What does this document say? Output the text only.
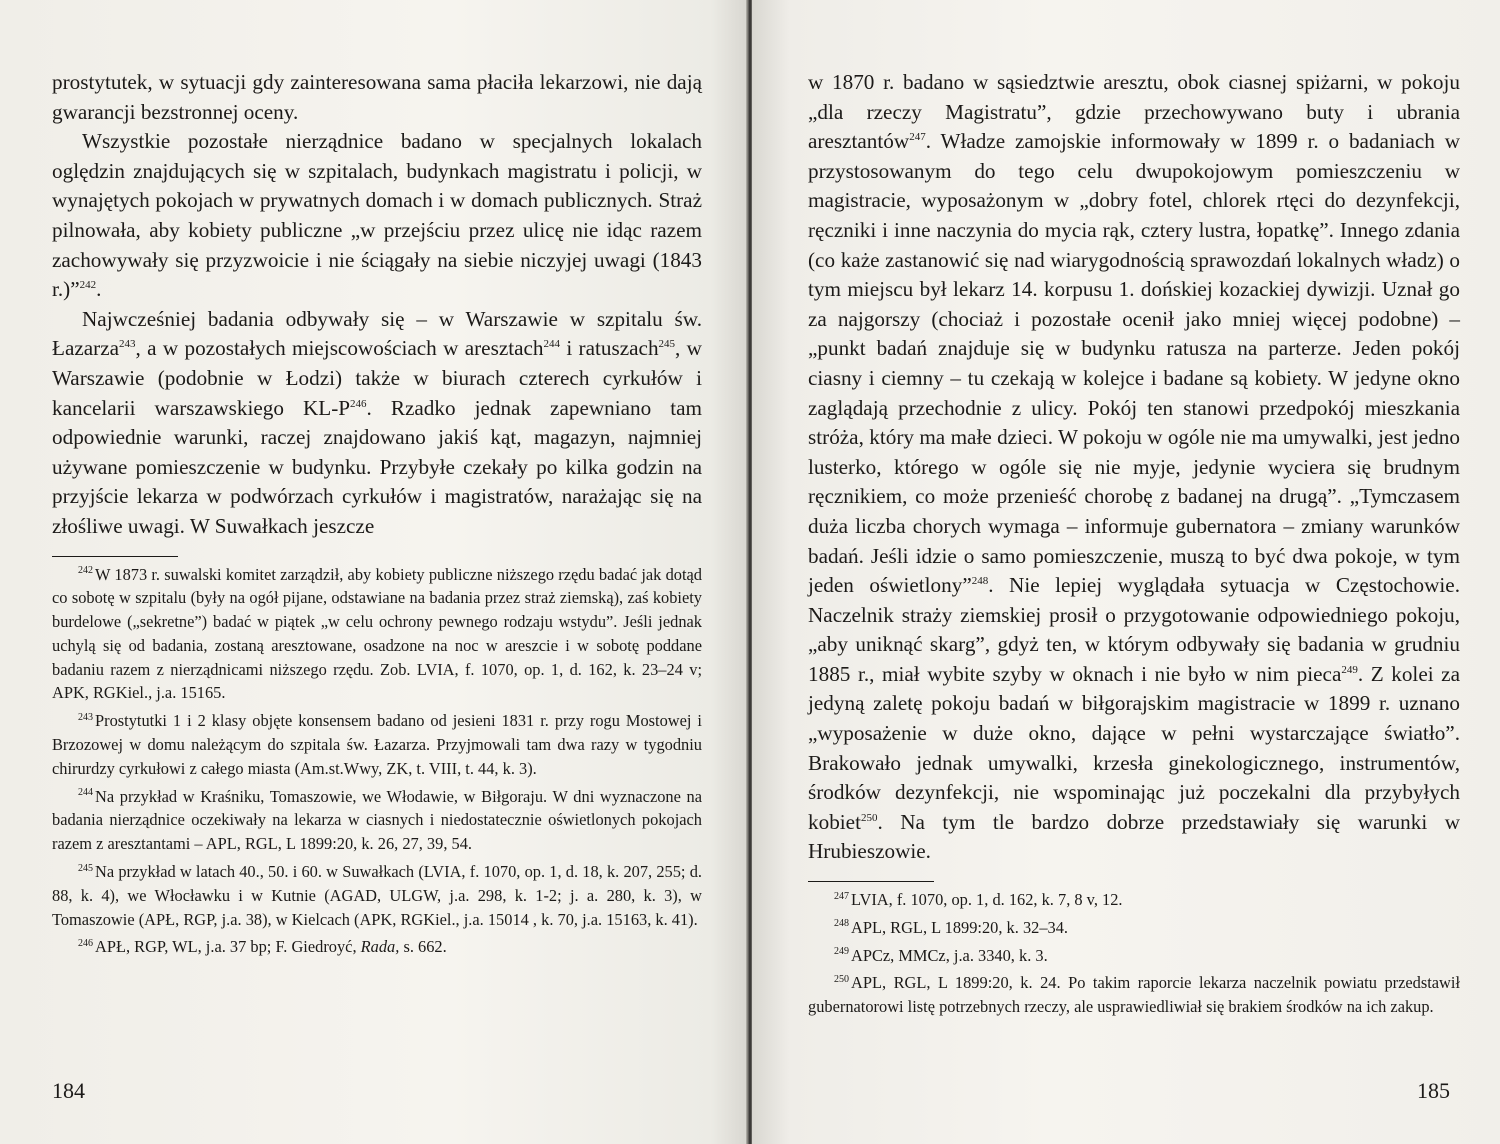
prostytutek, w sytuacji gdy zainteresowana sama płaciła lekarzowi, nie dają gwarancji bezstronnej oceny.

Wszystkie pozostałe nierządnice badano w specjalnych lokalach oględzin znajdujących się w szpitalach, budynkach magistratu i policji, w wynajętych pokojach w prywatnych domach i w domach publicznych. Straż pilnowała, aby kobiety publiczne „w przejściu przez ulicę nie idąc razem zachowywały się przyzwoicie i nie ściągały na siebie niczyjej uwagi (1843 r.)”$^{242}$.

Najwcześniej badania odbywały się – w Warszawie w szpitalu św. Łazarza$^{243}$, a w pozostałych miejscowościach w aresztach$^{244}$ i ratuszach$^{245}$, w Warszawie (podobnie w Łodzi) także w biurach czterech cyrkułów i kancelarii warszawskiego $KL-P^{246}$. Rzadko jednak zapewniano tam odpowiednie warunki, raczej znajdowano jakiś kąt, magazyn, najmniej używane pomieszczenie w budynku. Przybyłe czekały po kilka godzin na przyjście lekarza w podwórzach cyrkułów i magistratów, narażając się na złośliwe uwagi. W Suwałkach jeszcze

$^{242}$ W 1873 r. suwalski komitet zarządził, aby kobiety publiczne niższego rzędu badać jak dotąd co sobotę w szpitalu (były na ogół pijane, odstawiane na badania przez straż ziemską), zaś kobiety burdelowe („sekretne”) badać w piątek „w celu ochrony pewnego rodzaju wstydu”. Jeśli jednak uchylą się od badania, zostaną aresztowane, osadzone na noc w areszcie i w sobotę poddane badaniu razem z nierządnicami niższego rzędu. Zob. LVIA, f. 1070, op. 1, d. 162, k. 23–24 v; APK, RGKiel., j.a. 15165.

$^{243}$ Prostytutki 1 i 2 klasy objęte konsensem badano od jesieni 1831 r. przy rogu Mostowej i Brzozowej w domu należącym do szpitala św. Łazarza. Przyjmowali tam dwa razy w tygodniu chirurdzy cyrkułowi z całego miasta (Am.st.Wwy, ZK, t. VIII, t. 44, k. 3).

$^{244}$ Na przykład w Kraśniku, Tomaszowie, we Włodawie, w Biłgoraju. W dni wyznaczone na badania nierządnice oczekiwały na lekarza w ciasnych i niedostatecznie oświetlonych pokojach razem z aresztantami – APL, RGL, L 1899:20, k. 26, 27, 39, 54.

$^{245}$ Na przykład w latach 40., 50. i 60. w Suwałkach (LVIA, f. 1070, op. 1, d. 18, k. 207, 255; d. 88, k. 4), we Włocławku i w Kutnie (AGAD, ULGW, j.a. 298, k. 1-2; j. a. 280, k. 3), w Tomaszowie (APŁ, RGP, j.a. 38), w Kielcach (APK, RGKiel., j.a. 15014 , k. 70, j.a. 15163, k. 41).

$^{246}$ APŁ, RGP, WL, j.a. 37 bp; F. Giedroyć, Rada, s. 662.

184

w 1870 r. badano w sąsiedztwie aresztu, obok ciasnej spiżarni, w pokoju „dla rzeczy Magistratu”, gdzie przechowywano buty i ubrania aresztantów$^{247}$. Władze zamojskie informowały w 1899 r. o badaniach w przystosowanym do tego celu dwupokojowym pomieszczeniu w magistracie, wyposażonym w „dobry fotel, chlorek rtęci do dezynfekcji, ręczniki i inne naczynia do mycia rąk, cztery lustra, łopatkę”. Innego zdania (co każe zastanowić się nad wiarygodnością sprawozdań lokalnych władz) o tym miejscu był lekarz 14. korpusu 1. dońskiej kozackiej dywizji. Uznał go za najgorszy (chociaż i pozostałe ocenił jako mniej więcej podobne) – „punkt badań znajduje się w budynku ratusza na parterze. Jeden pokój ciasny i ciemny – tu czekają w kolejce i badane są kobiety. W jedyne okno zaglądają przechodnie z ulicy. Pokój ten stanowi przedpokój mieszkania stróża, który ma małe dzieci. W pokoju w ogóle nie ma umywalki, jest jedno lusterko, którego w ogóle się nie myje, jedynie wyciera się brudnym ręcznikiem, co może przenieść chorobę z badanej na drugą”. „Tymczasem duża liczba chorych wymaga – informuje gubernatora – zmiany warunków badań. Jeśli idzie o samo pomieszczenie, muszą to być dwa pokoje, w tym jeden oświetlony”$^{248}$. Nie lepiej wyglądała sytuacja w Częstochowie. Naczelnik straży ziemskiej prosił o przygotowanie odpowiedniego pokoju, „aby uniknąć skarg”, gdyż ten, w którym odbywały się badania w grudniu 1885 r., miał wybite szyby w oknach i nie było w nim pieca$^{249}$. Z kolei za jedyną zaletę pokoju badań w biłgorajskim magistracie w 1899 r. uznano „wyposażenie w duże okno, dające w pełni wystarczające światło”. Brakowało jednak umywalki, krzesła ginekologicznego, instrumentów, środków dezynfekcji, nie wspominając już poczekalni dla przybyłych kobiet$^{250}$. Na tym tle bardzo dobrze przedstawiały się warunki w Hrubieszowie.

$^{247}$ LVIA, f. 1070, op. 1, d. 162, k. 7, 8 v, 12.

$^{248}$ APL, RGL, L 1899:20, k. 32–34.

$^{249}$ APCz, MMCz, j.a. 3340, k. 3.

$^{250}$ APL, RGL, L 1899:20, k. 24. Po takim raporcie lekarza naczelnik powiatu przedstawił gubernatorowi listę potrzebnych rzeczy, ale usprawiedliwiał się brakiem środków na ich zakup.

185
